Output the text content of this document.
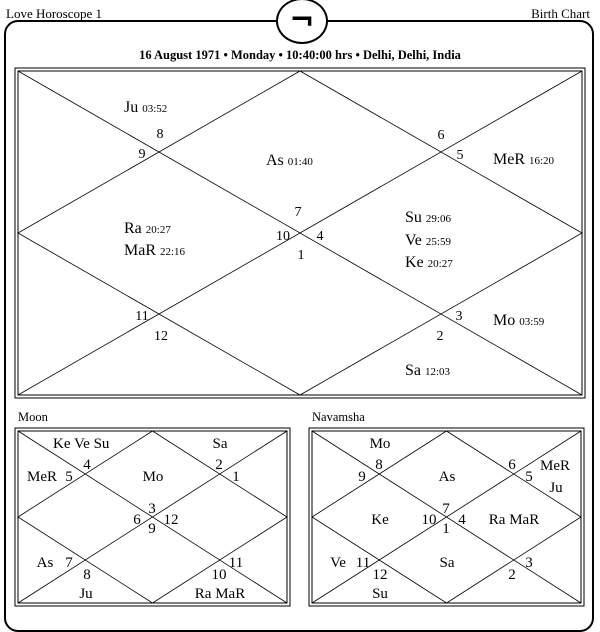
Love Horoscope 1	Birth Chart
¬
16 August 1971 • Monday • 10:40:00 hrs • Delhi, Delhi, India
Moon	Navamsha
7
As 01:40
8
Ju 03:52
9
10
Ra 20:27
MaR 22:16
11
12
1
2
Sa 12:03
3 Mo 03:59
4
Su 29:06
Ve 25:59
Ke 20:27
5 MeR 16:20
6
3
Mo
4
Ke Ve Su
5
MeR
6
7
As
8
Ju
9
10
Ra MaR
11
12
1
2
Sa
7
As
8
Mo
9
10
Ke
11
Ve
12
Su
1
Sa
2
3
4 Ra MaR
5
Ju
6 MeR
